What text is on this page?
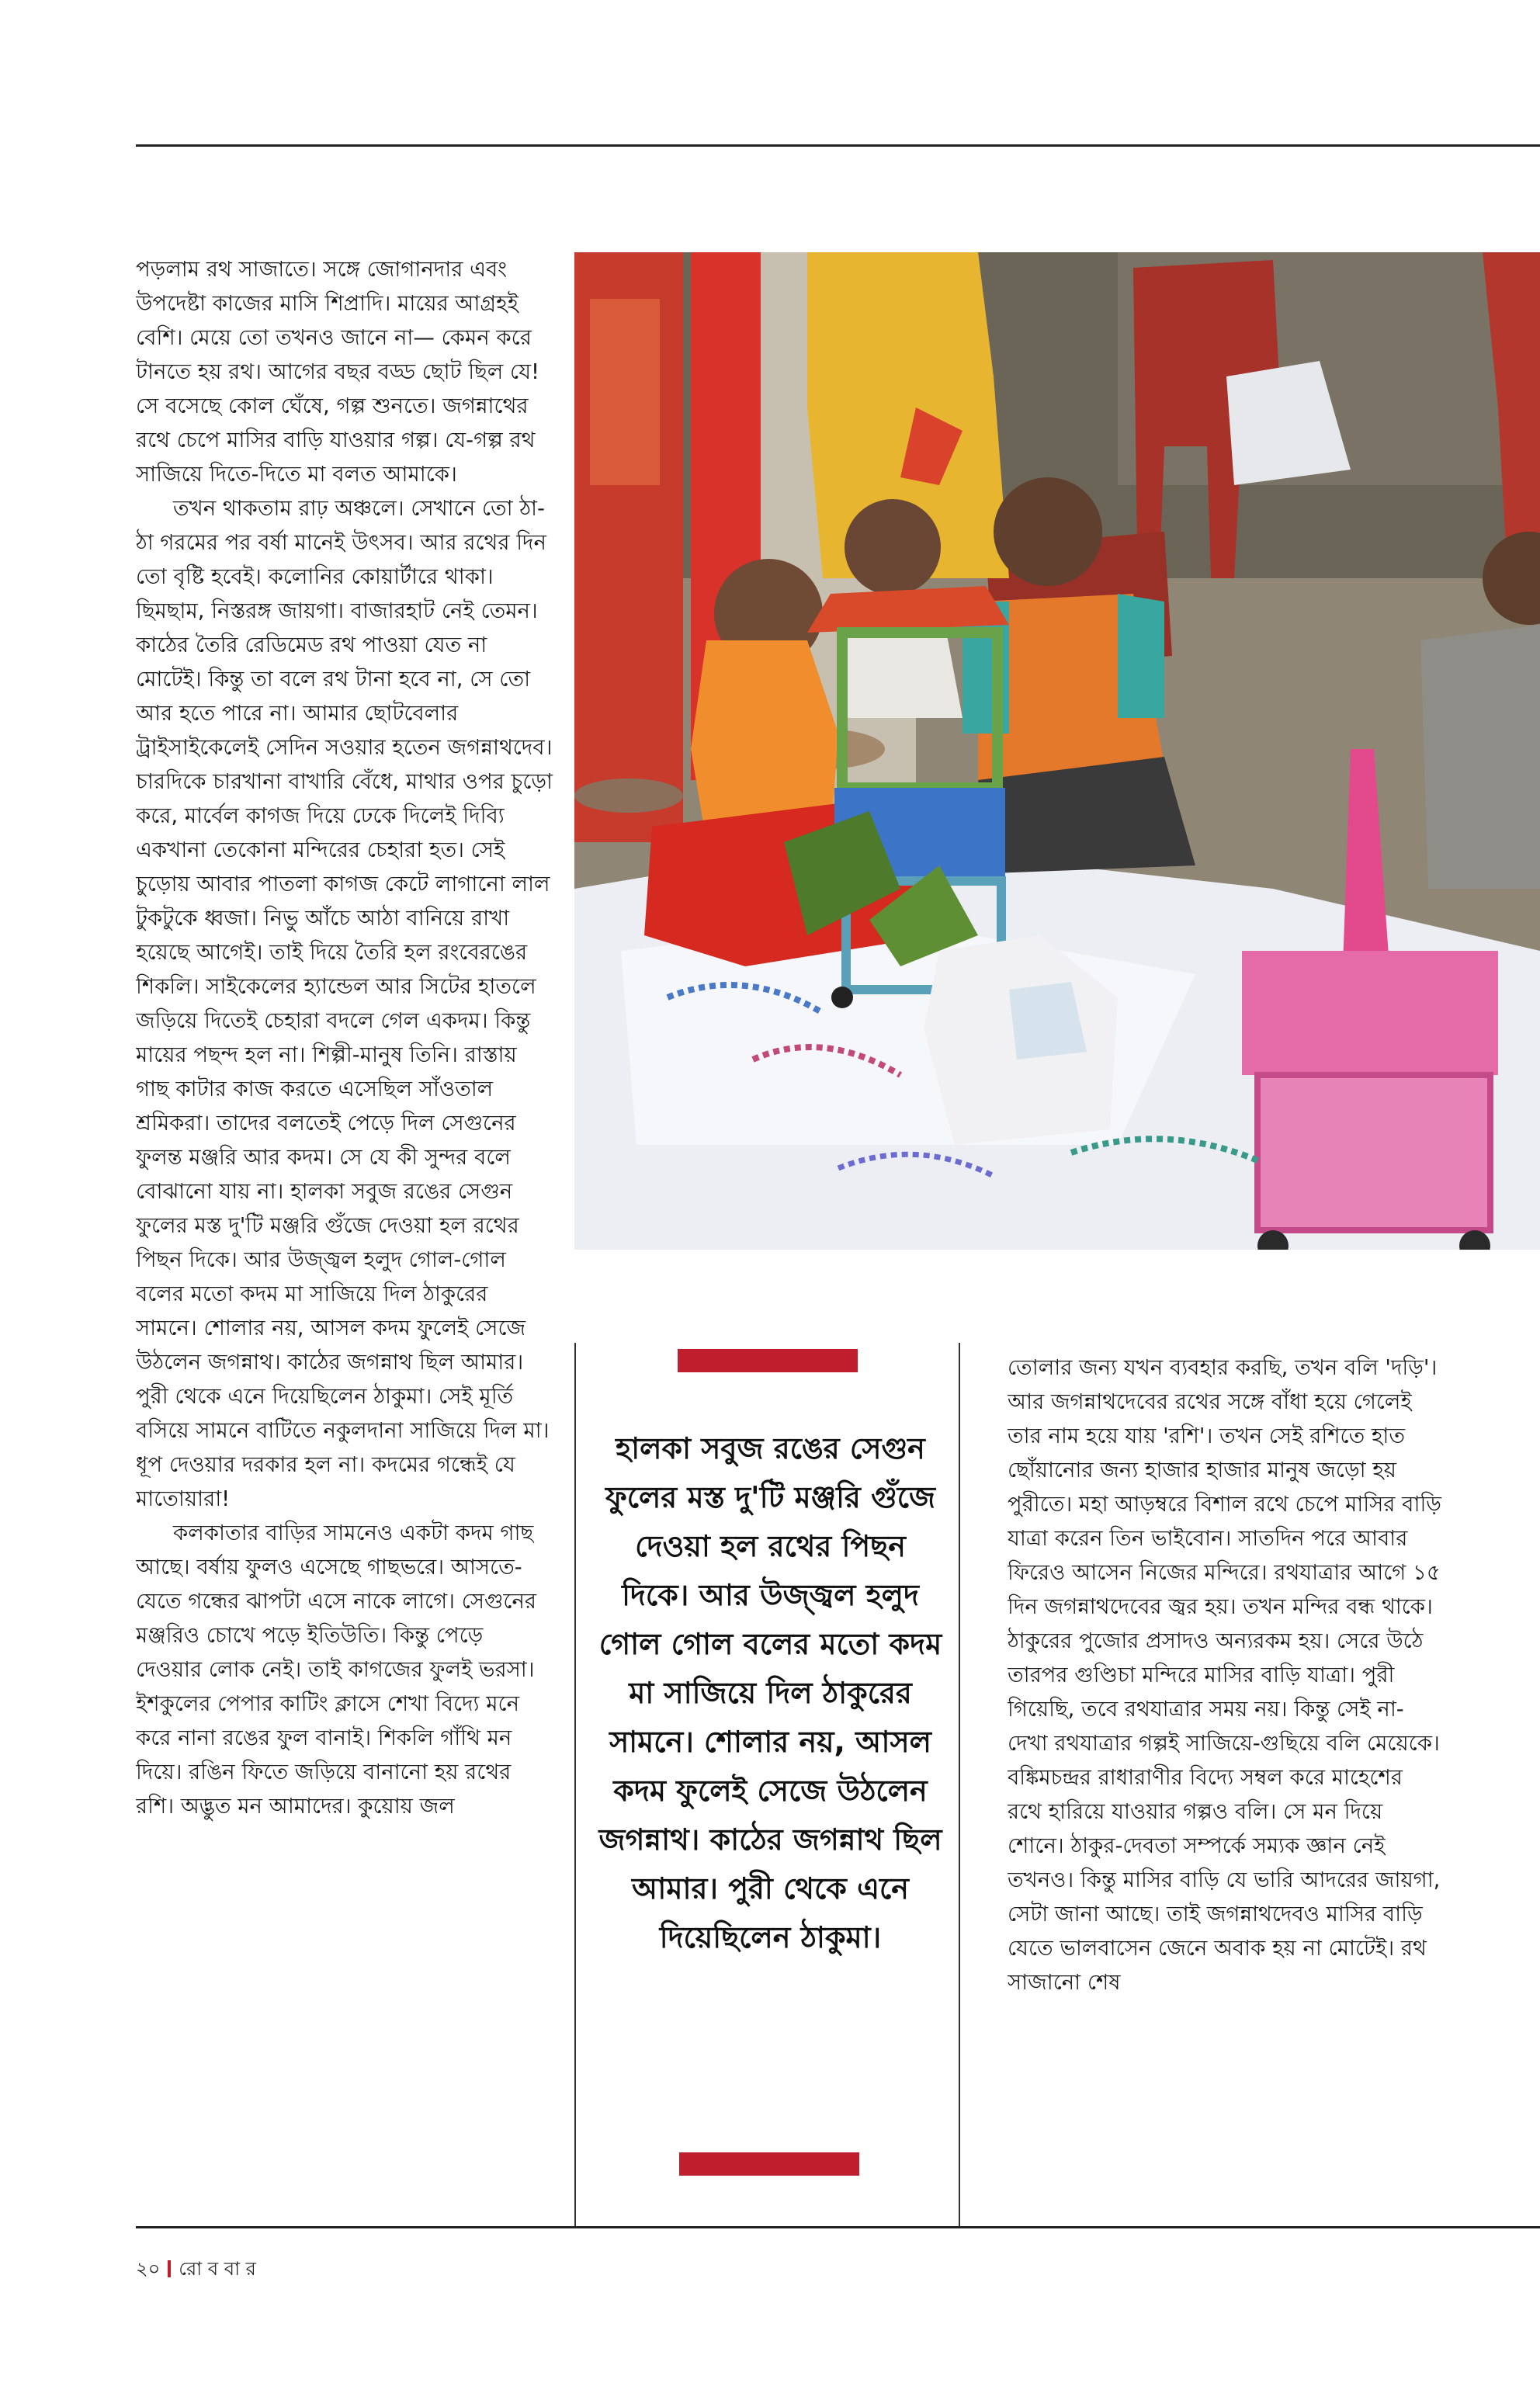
পড়লাম রথ সাজাতে। সঙ্গে জোগানদার এবং উপদেষ্টা কাজের মাসি শিপ্রাদি। মায়ের আগ্রহই বেশি। মেয়ে তো তখনও জানে না— কেমন করে টানতে হয় রথ। আগের বছর বড্ড ছোট ছিল যে! সে বসেছে কোল ঘেঁষে, গল্প শুনতে। জগন্নাথের রথে চেপে মাসির বাড়ি যাওয়ার গল্প। যে-গল্প রথ সাজিয়ে দিতে-দিতে মা বলত আমাকে।

তখন থাকতাম রাঢ় অঞ্চলে। সেখানে তো ঠা-ঠা গরমের পর বর্ষা মানেই উৎসব। আর রথের দিন তো বৃষ্টি হবেই। কলোনির কোয়ার্টারে থাকা। ছিমছাম, নিস্তরঙ্গ জায়গা। বাজারহাট নেই তেমন। কাঠের তৈরি রেডিমেড রথ পাওয়া যেত না মোটেই। কিন্তু তা বলে রথ টানা হবে না, সে তো আর হতে পারে না। আমার ছোটবেলার ট্রাইসাইকেলেই সেদিন সওয়ার হতেন জগন্নাথদেব। চারদিকে চারখানা বাখারি বেঁধে, মাথার ওপর চুড়ো করে, মার্বেল কাগজ দিয়ে ঢেকে দিলেই দিব্যি একখানা তেকোনা মন্দিরের চেহারা হত। সেই চুড়োয় আবার পাতলা কাগজ কেটে লাগানো লাল টুকটুকে ধ্বজা। নিভু আঁচে আঠা বানিয়ে রাখা হয়েছে আগেই। তাই দিয়ে তৈরি হল রংবেরঙের শিকলি। সাইকেলের হ্যান্ডেল আর সিটের হাতলে জড়িয়ে দিতেই চেহারা বদলে গেল একদম। কিন্তু মায়ের পছন্দ হল না। শিল্পী-মানুষ তিনি। রাস্তায় গাছ কাটার কাজ করতে এসেছিল সাঁওতাল শ্রমিকরা। তাদের বলতেই পেড়ে দিল সেগুনের ফুলন্ত মঞ্জরি আর কদম। সে যে কী সুন্দর বলে বোঝানো যায় না। হালকা সবুজ রঙের সেগুন ফুলের মস্ত দু'টি মঞ্জরি গুঁজে দেওয়া হল রথের পিছন দিকে। আর উজ্জ্বল হলুদ গোল-গোল বলের মতো কদম মা সাজিয়ে দিল ঠাকুরের সামনে। শোলার নয়, আসল কদম ফুলেই সেজে উঠলেন জগন্নাথ। কাঠের জগন্নাথ ছিল আমার। পুরী থেকে এনে দিয়েছিলেন ঠাকুমা। সেই মূর্তি বসিয়ে সামনে বাটিতে নকুলদানা সাজিয়ে দিল মা। ধূপ দেওয়ার দরকার হল না। কদমের গন্ধেই যে মাতোয়ারা!

কলকাতার বাড়ির সামনেও একটা কদম গাছ আছে। বর্ষায় ফুলও এসেছে গাছভরে। আসতে-যেতে গন্ধের ঝাপটা এসে নাকে লাগে। সেগুনের মঞ্জরিও চোখে পড়ে ইতিউতি। কিন্তু পেড়ে দেওয়ার লোক নেই। তাই কাগজের ফুলই ভরসা। ইশকুলের পেপার কাটিং ক্লাসে শেখা বিদ্যে মনে করে নানা রঙের ফুল বানাই। শিকলি গাঁথি মন দিয়ে। রঙিন ফিতে জড়িয়ে বানানো হয় রথের রশি। অদ্ভুত মন আমাদের। কুয়োয় জল

হালকা সবুজ রঙের সেগুন ফুলের মস্ত দু'টি মঞ্জরি গুঁজে দেওয়া হল রথের পিছন দিকে। আর উজ্জ্বল হলুদ গোল গোল বলের মতো কদম মা সাজিয়ে দিল ঠাকুরের সামনে। শোলার নয়, আসল কদম ফুলেই সেজে উঠলেন জগন্নাথ। কাঠের জগন্নাথ ছিল আমার। পুরী থেকে এনে দিয়েছিলেন ঠাকুমা।

তোলার জন্য যখন ব্যবহার করছি, তখন বলি 'দড়ি'। আর জগন্নাথদেবের রথের সঙ্গে বাঁধা হয়ে গেলেই তার নাম হয়ে যায় 'রশি'। তখন সেই রশিতে হাত ছোঁয়ানোর জন্য হাজার হাজার মানুষ জড়ো হয় পুরীতে। মহা আড়ম্বরে বিশাল রথে চেপে মাসির বাড়ি যাত্রা করেন তিন ভাইবোন। সাতদিন পরে আবার ফিরেও আসেন নিজের মন্দিরে। রথযাত্রার আগে ১৫ দিন জগন্নাথদেবের জ্বর হয়। তখন মন্দির বন্ধ থাকে। ঠাকুরের পুজোর প্রসাদও অন্যরকম হয়। সেরে উঠে তারপর গুণ্ডিচা মন্দিরে মাসির বাড়ি যাত্রা। পুরী গিয়েছি, তবে রথযাত্রার সময় নয়। কিন্তু সেই না-দেখা রথযাত্রার গল্পই সাজিয়ে-গুছিয়ে বলি মেয়েকে। বঙ্কিমচন্দ্রর রাধারাণীর বিদ্যে সম্বল করে মাহেশের রথে হারিয়ে যাওয়ার গল্পও বলি। সে মন দিয়ে শোনে। ঠাকুর-দেবতা সম্পর্কে সম্যক জ্ঞান নেই তখনও। কিন্তু মাসির বাড়ি যে ভারি আদরের জায়গা, সেটা জানা আছে। তাই জগন্নাথদেবও মাসির বাড়ি যেতে ভালবাসেন জেনে অবাক হয় না মোটেই। রথ সাজানো শেষ

২০ রো ব বা র
